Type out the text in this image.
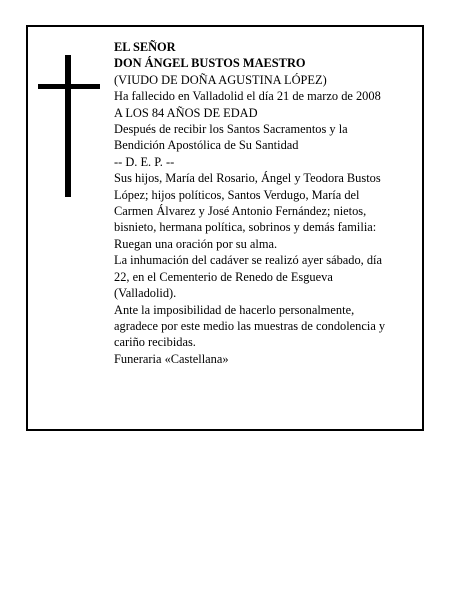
EL SEÑOR
DON ÁNGEL BUSTOS MAESTRO
(VIUDO DE DOÑA AGUSTINA LÓPEZ)
Ha fallecido en Valladolid el día 21 de marzo de 2008
A LOS 84 AÑOS DE EDAD
Después de recibir los Santos Sacramentos y la
Bendición Apostólica de Su Santidad
-- D. E. P. --
Sus hijos, María del Rosario, Ángel y Teodora Bustos
López; hijos políticos, Santos Verdugo, María del
Carmen Álvarez y José Antonio Fernández; nietos,
bisnieto, hermana política, sobrinos y demás familia:
Ruegan una oración por su alma.
La inhumación del cadáver se realizó ayer sábado, día
22, en el Cementerio de Renedo de Esgueva
(Valladolid).
Ante la imposibilidad de hacerlo personalmente,
agradece por este medio las muestras de condolencia y
cariño recibidas.
Funeraria «Castellana»
